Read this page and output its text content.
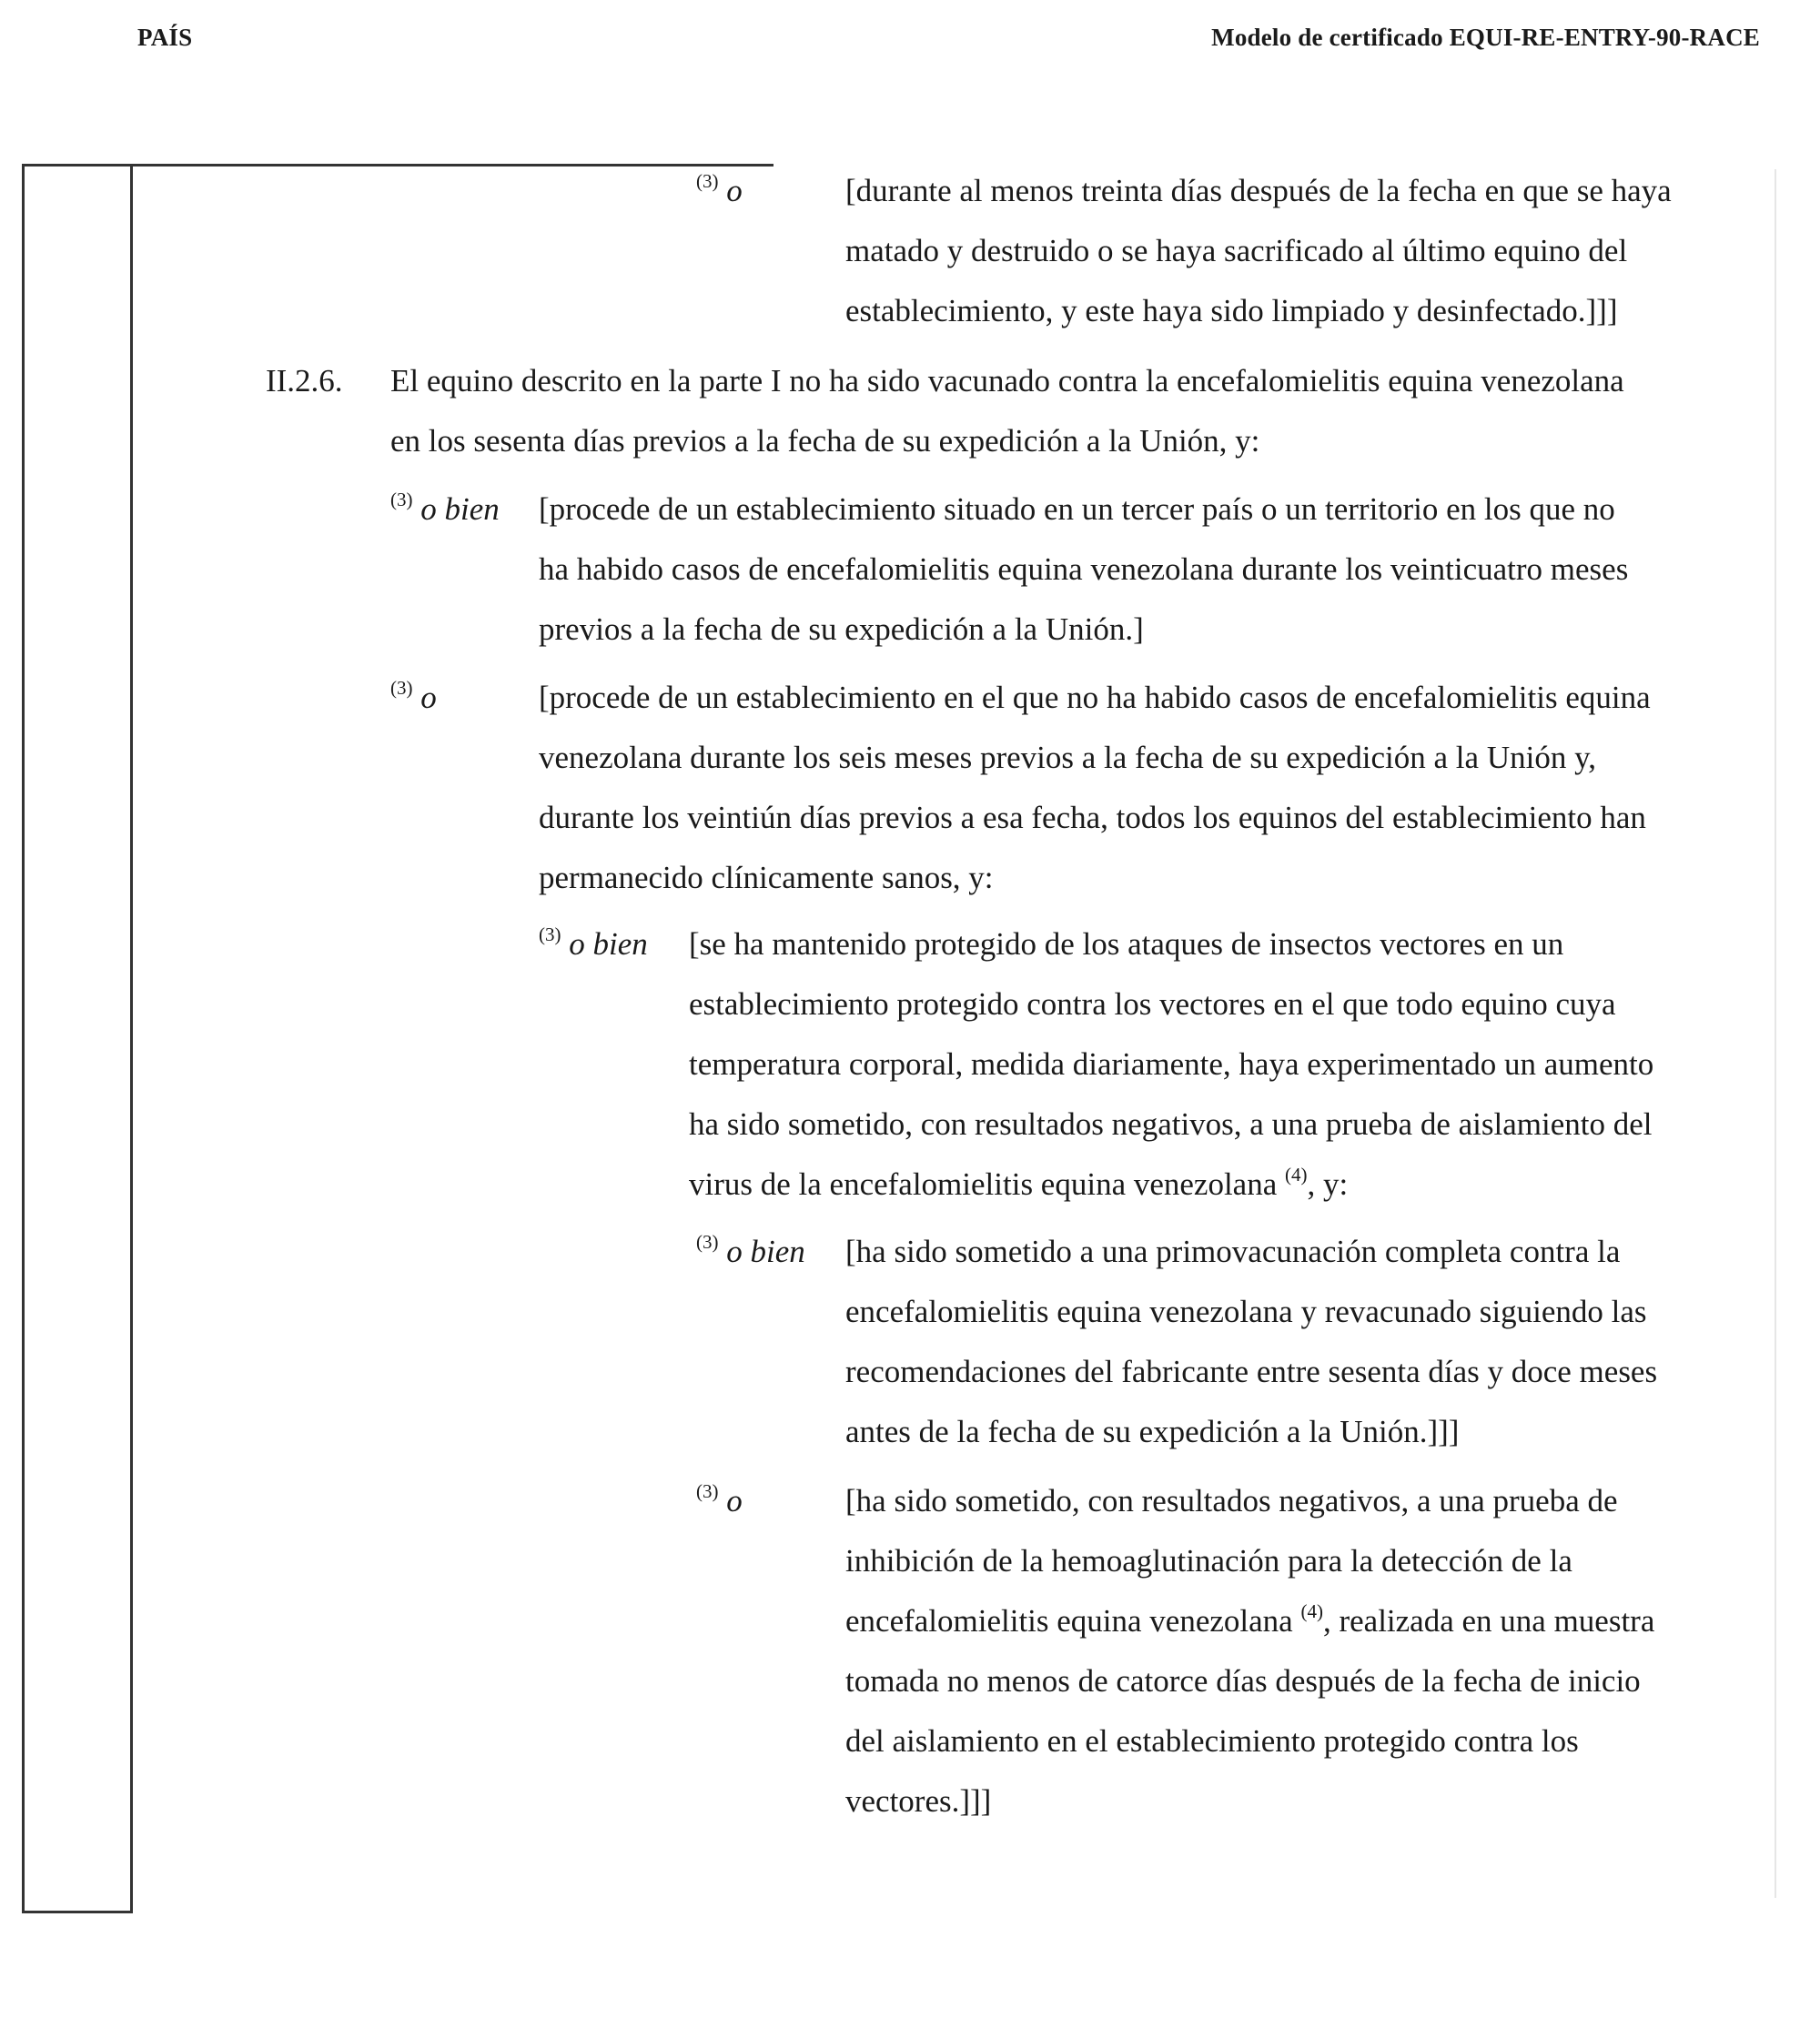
PAÍS	Modelo de certificado EQUI-RE-ENTRY-90-RACE
$^{(3)}$ o	[durante al menos treinta días después de la fecha en que se haya
matado y destruido o se haya sacrificado al último equino del
establecimiento, y este haya sido limpiado y desinfectado.]]]
II.2.6. El equino descrito en la parte I no ha sido vacunado contra la encefalomielitis equina venezolana
en los sesenta días previos a la fecha de su expedición a la Unión, y:
$^{(3)}$ o bien [procede de un establecimiento situado en un tercer país o un territorio en los que no
ha habido casos de encefalomielitis equina venezolana durante los veinticuatro meses
previos a la fecha de su expedición a la Unión.]
$^{(3)}$ o	[procede de un establecimiento en el que no ha habido casos de encefalomielitis equina
venezolana durante los seis meses previos a la fecha de su expedición a la Unión y,
durante los veintiún días previos a esa fecha, todos los equinos del establecimiento han
permanecido clínicamente sanos, y:
$^{(3)}$ o bien [se ha mantenido protegido de los ataques de insectos vectores en un
establecimiento protegido contra los vectores en el que todo equino cuya
temperatura corporal, medida diariamente, haya experimentado un aumento
ha sido sometido, con resultados negativos, a una prueba de aislamiento del
virus de la encefalomielitis equina venezolana $^{(4)}$, y:
$^{(3)}$ o bien [ha sido sometido a una primovacunación completa contra la
encefalomielitis equina venezolana y revacunado siguiendo las
recomendaciones del fabricante entre sesenta días y doce meses
antes de la fecha de su expedición a la Unión.]]]
$^{(3)}$ o	[ha sido sometido, con resultados negativos, a una prueba de
inhibición de la hemoaglutinación para la detección de la
encefalomielitis equina venezolana $^{(4)}$, realizada en una muestra
tomada no menos de catorce días después de la fecha de inicio
del aislamiento en el establecimiento protegido contra los
vectores.]]]
